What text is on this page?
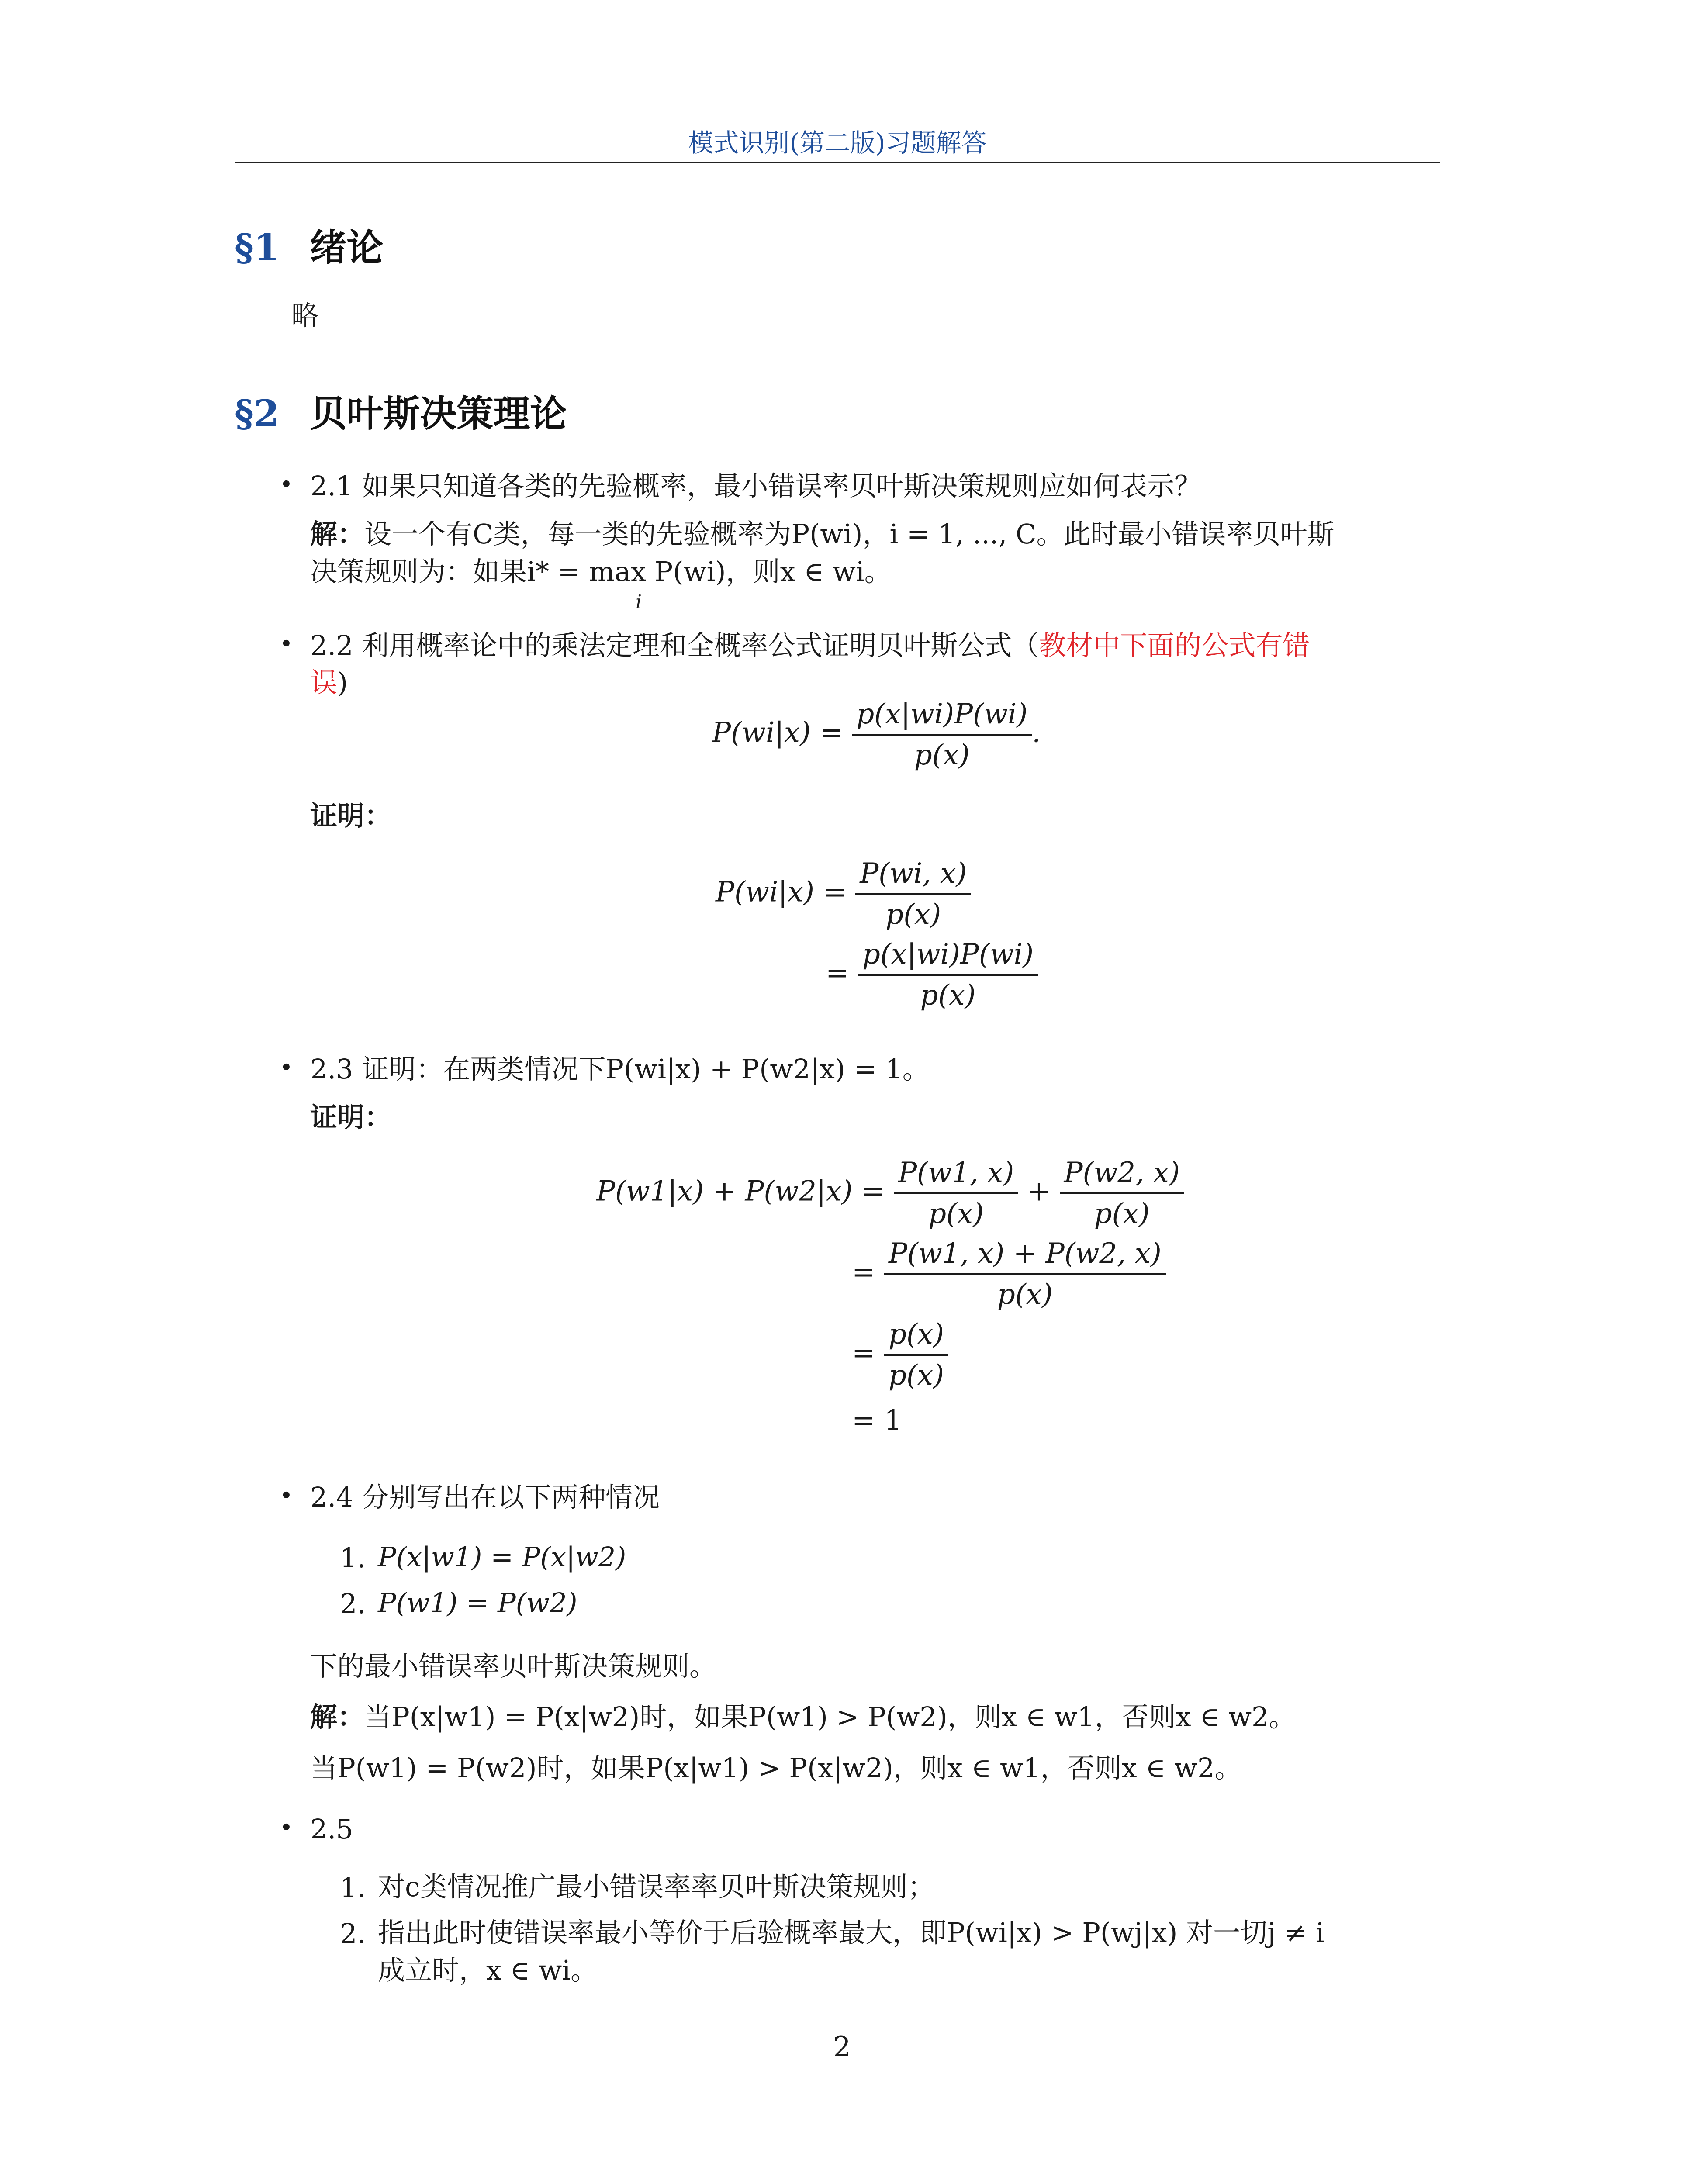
模式识别(第二版)习题解答
§1 绪论
略
§2 贝叶斯决策理论
• 2.1 如果只知道各类的先验概率，最小错误率贝叶斯决策规则应如何表示？
解：设一个有C类，每一类的先验概率为P(wi)，i = 1, ..., C。此时最小错误率贝叶斯
决策规则为：如果i* = max P(wi)，则x ∈ wi。
i
• 2.2 利用概率论中的乘法定理和全概率公式证明贝叶斯公式（教材中下面的公式有错
误)
$P(wi|x) = \frac{p(x|wi)P(wi)}{p(x)}$ .
证明：
$P(wi|x) = \frac{P(wi, x)}{p(x)}$
= $\frac{p(x|wi)P(wi)}{p(x)}$
• 2.3 证明：在两类情况下P(wi|x) + P(w2|x) = 1。
证明：
$P(w1|x) + P(w2|x) = \frac{P(w1, x)}{p(x)} + \frac{P(w2, x)}{p(x)}$
= $\frac{P(w1, x) + P(w2, x)}{p(x)}$
= $\frac{p(x)}{p(x)}$
= 1
• 2.4 分别写出在以下两种情况
1. P(x|w1) = P(x|w2)
2. P(w1) = P(w2)
下的最小错误率贝叶斯决策规则。
解：当P(x|w1) = P(x|w2)时，如果P(w1) > P(w2)，则x ∈ w1，否则x ∈ w2。
当P(w1) = P(w2)时，如果P(x|w1) > P(x|w2)，则x ∈ w1，否则x ∈ w2。
• 2.5
1. 对c类情况推广最小错误率率贝叶斯决策规则；
2. 指出此时使错误率最小等价于后验概率最大，即P(wi|x) > P(wj|x) 对一切j ≠ i
成立时，x ∈ wi。
2
